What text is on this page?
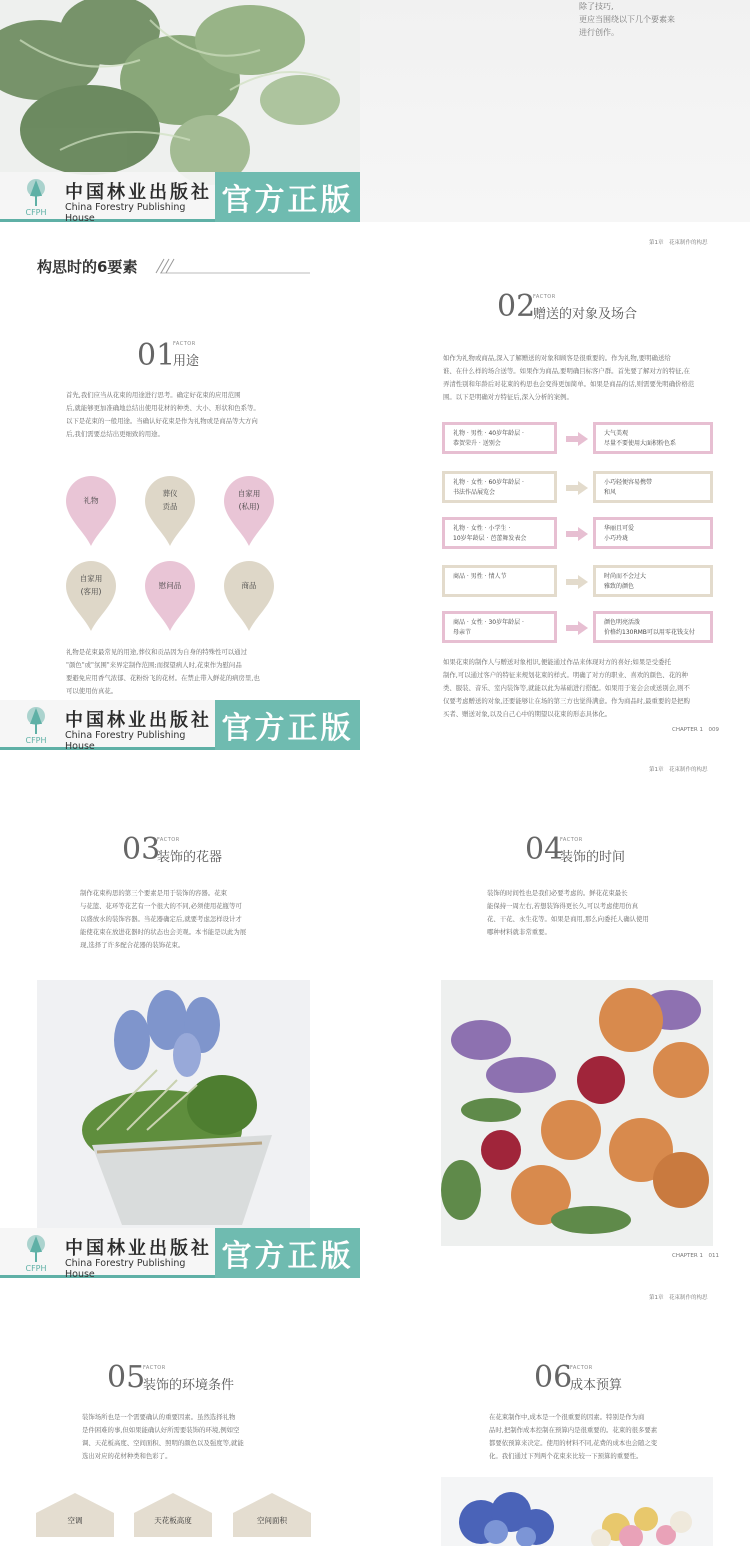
除了技巧,
更应当围绕以下几个要素来
进行创作。
CFPH
中国林业出版社
China Forestry Publishing House
官方正版
第1章　花束制作的构思
构思时的6要素
01
FACTOR
用途
首先,我们应当从花束的用途进行思考。确定好花束的应用范围
后,就能够更加准确地总结出使用花材的种类、大小、形状和色系等。
以下是花束的一般用途。当确认好花束是作为礼物或是商品等大方向
后,我们需要总结出更细致的用途。
礼物
葬仪
贡品
自家用
(私用)
自家用
(客用)
慰问品	商品
礼物是花束最常见的用途,葬仪和贡品因为自身的特殊性可以通过
"颜色"或"氛围"来界定制作范围;而探望病人时,花束作为慰问品
要避免应用香气浓郁、花粉纷飞的花材。在禁止带入鲜花的病房里,也
可以使用仿真花。
02
FACTOR
赠送的对象及场合
如作为礼物或商品,深入了解赠送的对象和顾客是很重要的。作为礼物,要明确送给
谁、在什么样的场合送等。如果作为商品,要明确目标客户群。首先要了解对方的特征,在
弄清性别和年龄后对花束的构思也会变得更加简单。如果是商品的话,则需要先明确价格范
围。以下是明确对方特征后,深入分析的案例。
礼物 · 男性 · 40岁年龄层 ·
恭贺荣升 · 送别会
大气美观
尽量不要使用大面积粉色系
礼物 · 女性 · 60岁年龄层 ·
书法作品展览会
小巧轻便容易携带
和风
礼物 · 女性 · 小学生 ·
10岁年龄层 · 芭蕾舞发表会
华丽且可爱
小巧玲珑
商品 · 男性 · 情人节	时尚而不会过大
雅致的颜色
商品 · 女性 · 30岁年龄层 ·
母亲节
颜色明亮活泼
价格约130RMB可以用零花钱支付
如果花束的制作人与赠送对象相识,便能通过作品来体现对方的喜好;如果是受委托
制作,可以通过客户的特征来规划花束的样式。明确了对方的职业、喜欢的颜色、花的种
类、服装、音乐、室内装饰等,就能以此为基础进行搭配。如果用于宴会会或送别会,则不
仅要考虑赠送的对象,还要能够让在场的第三方也觉得满意。作为商品时,最重要的是把购
买者、赠送对象,以及自己心中的期望以花束的形态具体化。
CHAPTER 1　009
CFPH
中国林业出版社
China Forestry Publishing House
官方正版
第1章　花束制作的构思
03
FACTOR
装饰的花器
制作花束构思的第三个要素是用于装饰的容器。花束
与花篮、花环等花艺有一个很大的不同,必须使用花瓶等可
以盛放水的装饰容器。当花器确定后,就要考虑怎样设计才
能使花束在放进花器时的状态也会美观。本书能是以此为展
现,选择了许多配合花器的装饰花束。
04
FACTOR
装饰的时间
装饰的时间性也是我们必要考虑的。鲜花花束最长
能保持一周左右,若想装饰得更长久,可以考虑使用仿真
花、干花、永生花等。如果是商用,那么向委托人确认使用
哪种材料就非常重要。
CHAPTER 1　011
CFPH
中国林业出版社
China Forestry Publishing House
官方正版
第1章　花束制作的构思
05
FACTOR
装饰的环境条件
装饰场所也是一个需要确认的重要因素。虽然选择礼物
是件困难的事,但如果能确认好所需要装饰的环境,例如空
调、天花板高度、空间面积、照明的颜色以及强度等,就能
选出对应的花材种类和色彩了。
空调	天花板高度	空间面积
06
FACTOR
成本预算
在花束制作中,成本是一个很重要的因素。特别是作为商
品时,把制作成本控制在预算内是很重要的。花束的很多要素
都要依预算来决定。使用的材料不同,花费的成本也会随之变
化。我们通过下列两个花束来比较一下预算的重要性。
